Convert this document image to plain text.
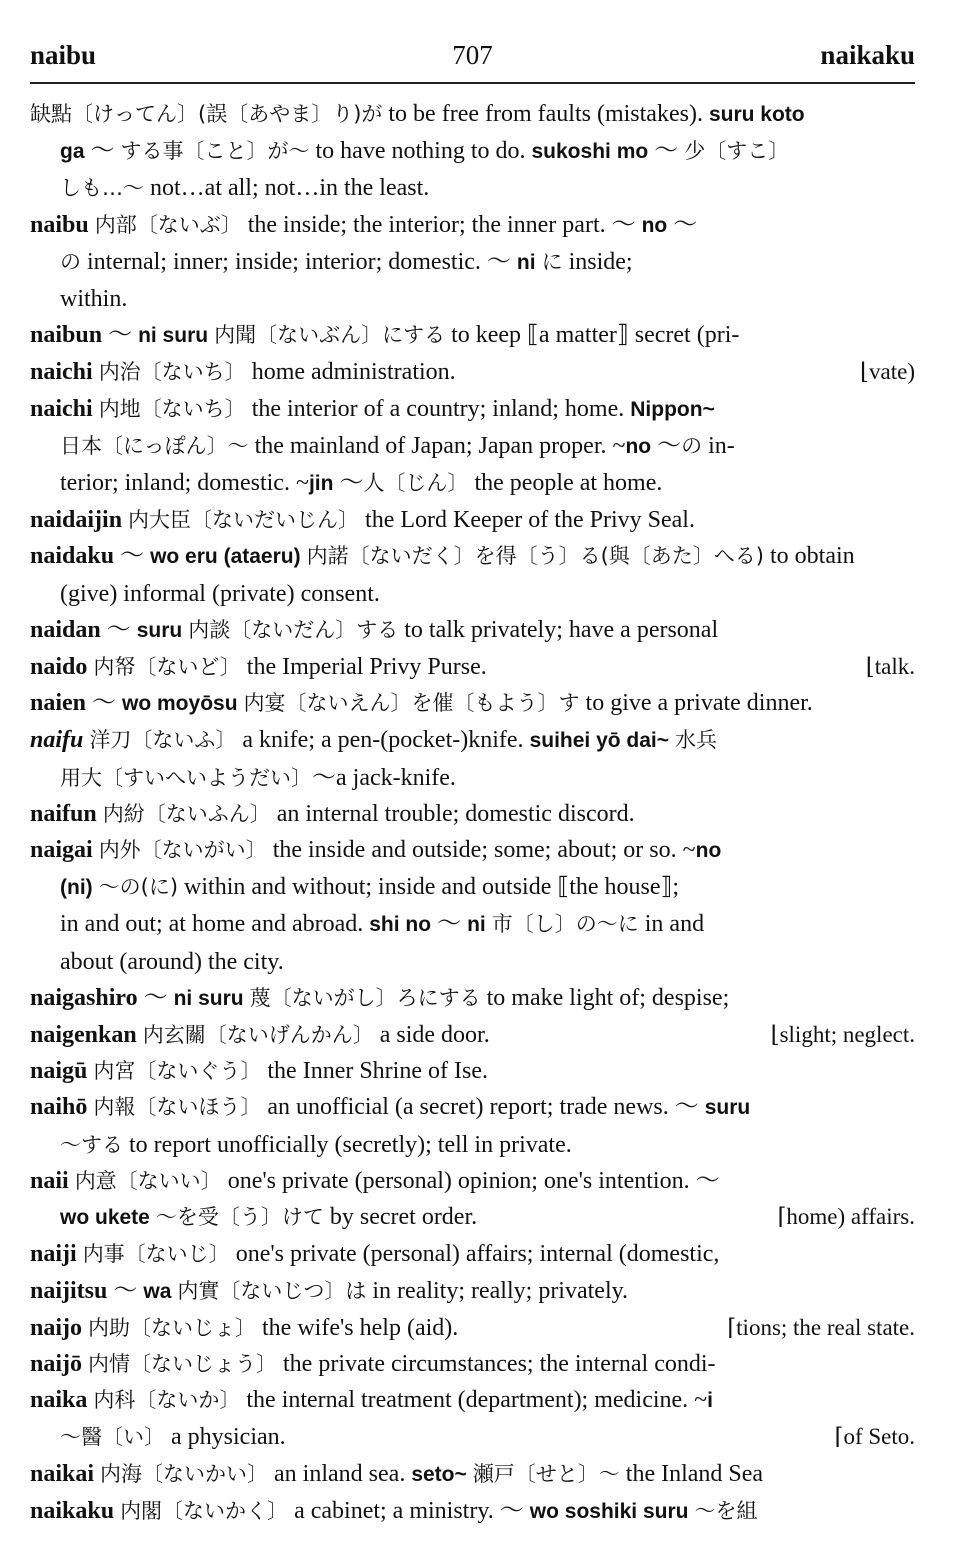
naibu	707	naikaku

缺點〔けってん〕(誤〔あやま〕り)が to be free from faults (mistakes). suru koto
ga ～ する事〔こと〕が～ to have nothing to do. sukoshi mo ～ 少〔すこ〕
しも…～ not…at all; not…in the least.

naibu 内部〔ないぶ〕 the inside; the interior; the inner part. ～ no ～
の internal; inner; inside; interior; domestic. ～ ni に inside;
within.

naibun ～ ni suru 内聞〔ないぶん〕にする to keep ⟦a matter⟧ secret (pri-

naichi 内治〔ないち〕 home administration.	⌊vate)

naichi 内地〔ないち〕 the interior of a country; inland; home. Nippon~
日本〔にっぽん〕～ the mainland of Japan; Japan proper. ~no ～の in-
terior; inland; domestic. ~jin ～人〔じん〕 the people at home.

naidaijin 内大臣〔ないだいじん〕 the Lord Keeper of the Privy Seal.

naidaku ～ wo eru (ataeru) 内諾〔ないだく〕を得〔う〕る(與〔あた〕へる) to obtain
(give) informal (private) consent.

naidan ～ suru 内談〔ないだん〕する to talk privately; have a personal

naido 内帑〔ないど〕 the Imperial Privy Purse.	⌊talk.

naien ～ wo moyōsu 内宴〔ないえん〕を催〔もよう〕す to give a private dinner.

naifu 洋刀〔ないふ〕 a knife; a pen-(pocket-)knife. suihei yō dai~ 水兵
用大〔すいへいようだい〕～a jack-knife.

naifun 内紛〔ないふん〕 an internal trouble; domestic discord.

naigai 内外〔ないがい〕 the inside and outside; some; about; or so. ~no
(ni) ～の(に) within and without; inside and outside ⟦the house⟧;
in and out; at home and abroad. shi no ～ ni 市〔し〕の～に in and
about (around) the city.

naigashiro ～ ni suru 蔑〔ないがし〕ろにする to make light of; despise;

naigenkan 内玄關〔ないげんかん〕 a side door.	⌊slight; neglect.

naigū 内宮〔ないぐう〕 the Inner Shrine of Ise.

naihō 内報〔ないほう〕 an unofficial (a secret) report; trade news. ～ suru
～する to report unofficially (secretly); tell in private.

naii 内意〔ないい〕 one's private (personal) opinion; one's intention. ～

wo ukete ～を受〔う〕けて by secret order.	⌈home) affairs.

naiji 内事〔ないじ〕 one's private (personal) affairs; internal (domestic,

naijitsu ～ wa 内實〔ないじつ〕は in reality; really; privately.

naijo 内助〔ないじょ〕 the wife's help (aid).	⌈tions; the real state.

naijō 内情〔ないじょう〕 the private circumstances; the internal condi-

naika 内科〔ないか〕 the internal treatment (department); medicine. ~i

～醫〔い〕 a physician.	⌈of Seto.

naikai 内海〔ないかい〕 an inland sea. seto~ 瀬戸〔せと〕～ the Inland Sea

naikaku 内閣〔ないかく〕 a cabinet; a ministry. ～ wo soshiki suru ～を組
